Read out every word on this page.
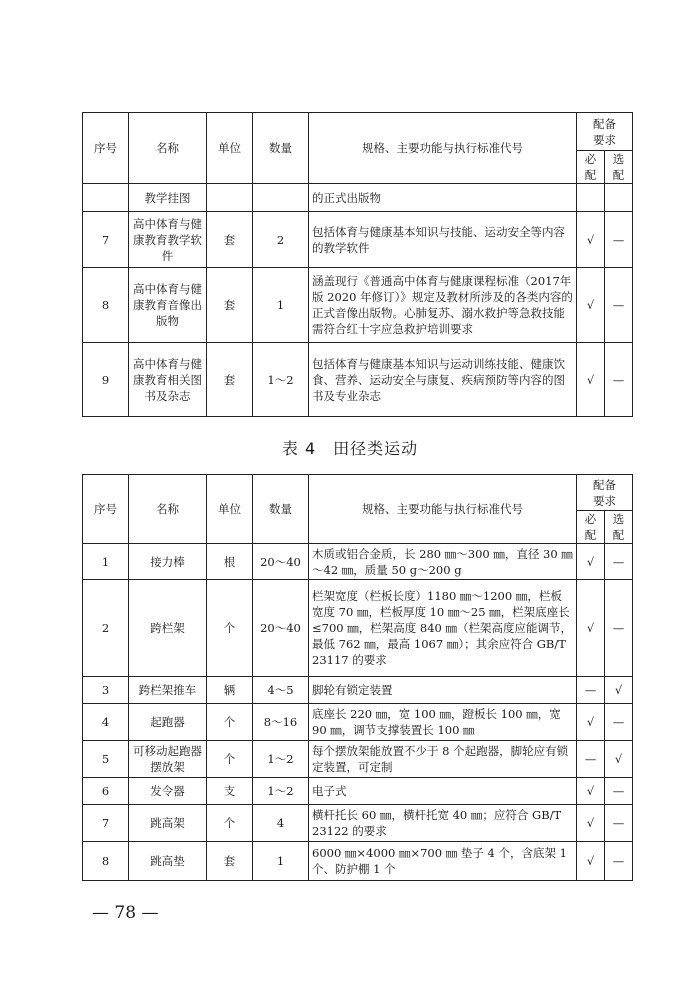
序号	名称	单位	数量	规格、主要功能与执行标准代号	配备要求	
					必配	选配
	教学挂图			的正式出版物		
7	高中体育与健康教育教学软件	套	2	包括体育与健康基本知识与技能、运动安全等内容的教学软件	√	—
8	高中体育与健康教育音像出版物	套	1	涵盖现行《普通高中体育与健康课程标准（2017年版 2020 年修订）》规定及教材所涉及的各类内容的正式音像出版物。心肺复苏、溺水救护等急救技能需符合红十字应急救护培训要求	√	—
9	高中体育与健康教育相关图书及杂志	套	1～2	包括体育与健康基本知识与运动训练技能、健康饮食、营养、运动安全与康复、疾病预防等内容的图书及专业杂志	√	—
表 4　田径类运动
序号	名称	单位	数量	规格、主要功能与执行标准代号	配备要求	
					必配	选配
1	接力棒	根	20～40	木质或铝合金质，长 280 ㎜～300 ㎜，直径 30 ㎜～42 ㎜，质量 50 g～200 g	√	—
2	跨栏架	个	20～40	栏架宽度（栏板长度）1180 ㎜～1200 ㎜，栏板宽度 70 ㎜，栏板厚度 10 ㎜～25 ㎜，栏架底座长≤700 ㎜，栏架高度 840 ㎜（栏架高度应能调节，最低 762 ㎜，最高 1067 ㎜）；其余应符合 GB/T 23117 的要求	√	—
3	跨栏架推车	辆	4～5	脚轮有锁定装置	—	√
4	起跑器	个	8～16	底座长 220 ㎜，宽 100 ㎜，蹬板长 100 ㎜，宽 90 ㎜，调节支撑装置长 100 ㎜	√	—
5	可移动起跑器摆放架	个	1～2	每个摆放架能放置不少于 8 个起跑器，脚轮应有锁定装置，可定制	—	√
6	发令器	支	1～2	电子式	√	—
7	跳高架	个	4	横杆托长 60 ㎜，横杆托宽 40 ㎜；应符合 GB/T 23122 的要求	√	—
8	跳高垫	套	1	6000 ㎜×4000 ㎜×700 ㎜ 垫子 4 个，含底架 1 个、防护棚 1 个	√	—
— 78 —
